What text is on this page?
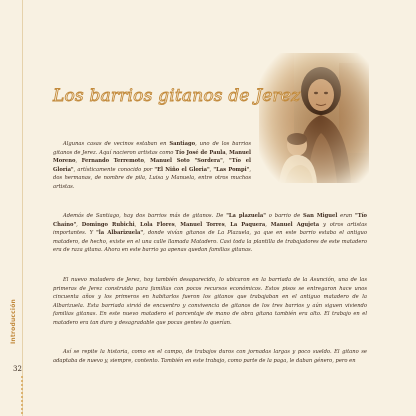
Introducción
32
Los barrios gitanos de Jerez
Algunas casas de vecinos estaban en Santiago, uno de los barrios gitanos de Jerez. Aquí nacieron artistas como Tío José de Paula, Manuel Moreno, Fernando Terremoto, Manuel Soto "Sordera", "Tío el Gloria", artísticamente conocido por "El Niño el Gloria", "Las Pompi", dos hermanas, de nombre de pila, Luisa y Manuela, entre otros muchos artistas.
Además de Santiago, hay dos barrios más de gitanos. De "La plazuela" o barrio de San Miguel eran "Tío Chaíno", Domingo Rubichi, Lola Flores, Manuel Torres, La Paquera, Manuel Agujeta y otros artistas importantes. Y "la Albarizuela", donde vivían gitanos de La Plazuela, ya que en este barrio estaba el antiguo matadero, de hecho, existe en el una calle llamada Matadero. Casi toda la plantilla de trabajadores de este matadero era de raza gitana. Ahora en este barrio ya apenas quedan familias gitanas.
El nuevo matadero de Jerez, hoy también desaparecido, lo ubicaron en la barriada de la Asunción, una de las primeras de Jerez construida para familias con pocos recursos económicos. Estos pisos se entregaron hace unos cincuenta años y los primeros en habitarlos fueron los gitanos que trabajaban en el antiguo matadero de la Albarizuela. Esta barriada sirvió de encuentro y convivencia de gitanos de los tres barrios y aún siguen viviendo familias gitanas. En este nuevo matadero el porcentaje de mano de obra gitana también era alto. El trabajo en el matadero era tan duro y desagradable que pocas gentes lo querían.
Así se repite la historia, como en el campo, de trabajos duros con jornadas largas y poco sueldo. El gitano se adaptaba de nuevo y, siempre, contento. También en este trabajo, como parte de la paga, le daban género, pero en
